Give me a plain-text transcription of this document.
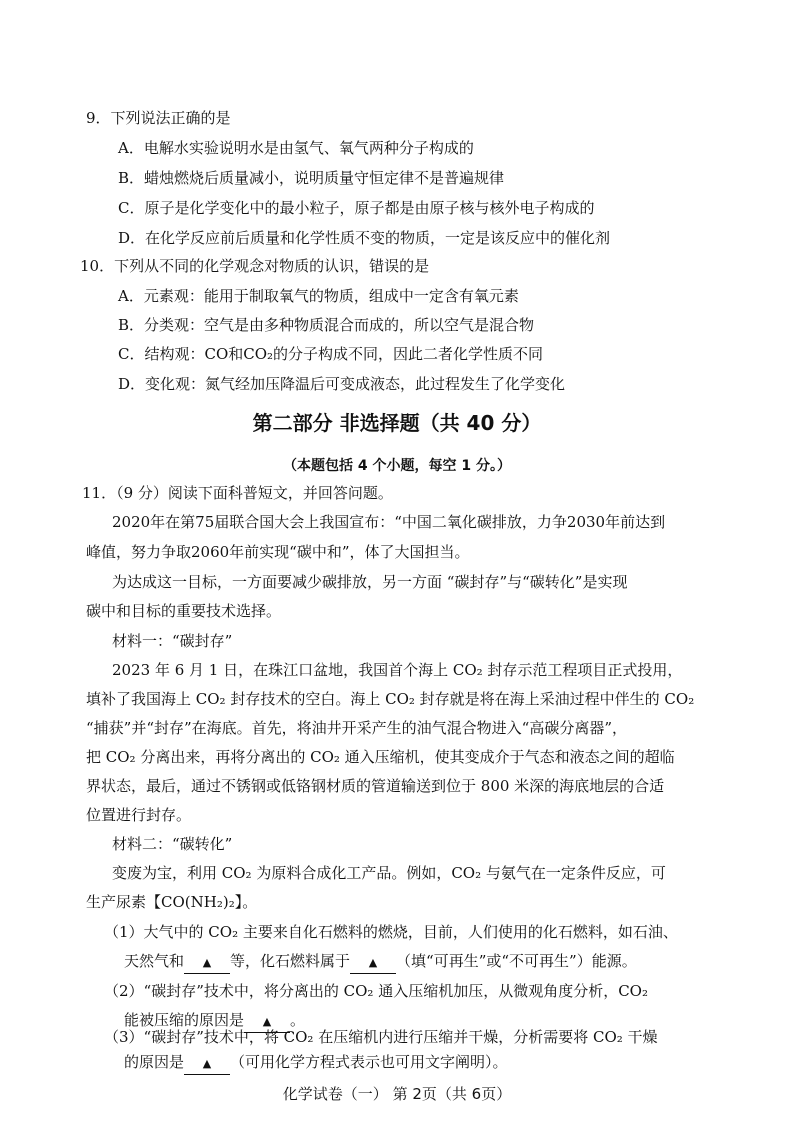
9．下列说法正确的是
A．电解水实验说明水是由氢气、氧气两种分子构成的
B．蜡烛燃烧后质量减小，说明质量守恒定律不是普遍规律
C．原子是化学变化中的最小粒子，原子都是由原子核与核外电子构成的
D．在化学反应前后质量和化学性质不变的物质，一定是该反应中的催化剂
10．下列从不同的化学观念对物质的认识，错误的是
A．元素观：能用于制取氧气的物质，组成中一定含有氧元素
B．分类观：空气是由多种物质混合而成的，所以空气是混合物
C．结构观：CO和CO₂的分子构成不同，因此二者化学性质不同
D．变化观：氮气经加压降温后可变成液态，此过程发生了化学变化
第二部分 非选择题（共 40 分）
（本题包括 4 个小题，每空 1 分。）
11．（9 分）阅读下面科普短文，并回答问题。
2020年在第75届联合国大会上我国宣布：“中国二氧化碳排放，力争2030年前达到
峰值，努力争取2060年前实现“碳中和”，体了大国担当。
为达成这一目标，一方面要减少碳排放，另一方面 “碳封存”与“碳转化”是实现
碳中和目标的重要技术选择。
材料一：“碳封存”
2023 年 6 月 1 日，在珠江口盆地，我国首个海上 CO₂ 封存示范工程项目正式投用，
填补了我国海上 CO₂ 封存技术的空白。海上 CO₂ 封存就是将在海上采油过程中伴生的 CO₂
“捕获”并“封存”在海底。首先，将油井开采产生的油气混合物进入“高碳分离器”，
把 CO₂ 分离出来，再将分离出的 CO₂ 通入压缩机，使其变成介于气态和液态之间的超临
界状态，最后，通过不锈钢或低铬钢材质的管道输送到位于 800 米深的海底地层的合适
位置进行封存。
材料二：“碳转化”
变废为宝，利用 CO₂ 为原料合成化工产品。例如，CO₂ 与氨气在一定条件反应，可
生产尿素【CO(NH₂)₂】。
（1）大气中的 CO₂ 主要来自化石燃料的燃烧，目前，人们使用的化石燃料，如石油、
天然气和 ▲ 等，化石燃料属于 ▲ （填“可再生”或“不可再生”）能源。
（2）“碳封存”技术中，将分离出的 CO₂ 通入压缩机加压，从微观角度分析，CO₂
能被压缩的原因是 ▲ 。
（3）“碳封存”技术中，将 CO₂ 在压缩机内进行压缩并干燥，分析需要将 CO₂ 干燥
的原因是 ▲ （可用化学方程式表示也可用文字阐明）。
化学试卷（一） 第 2页（共 6页）
